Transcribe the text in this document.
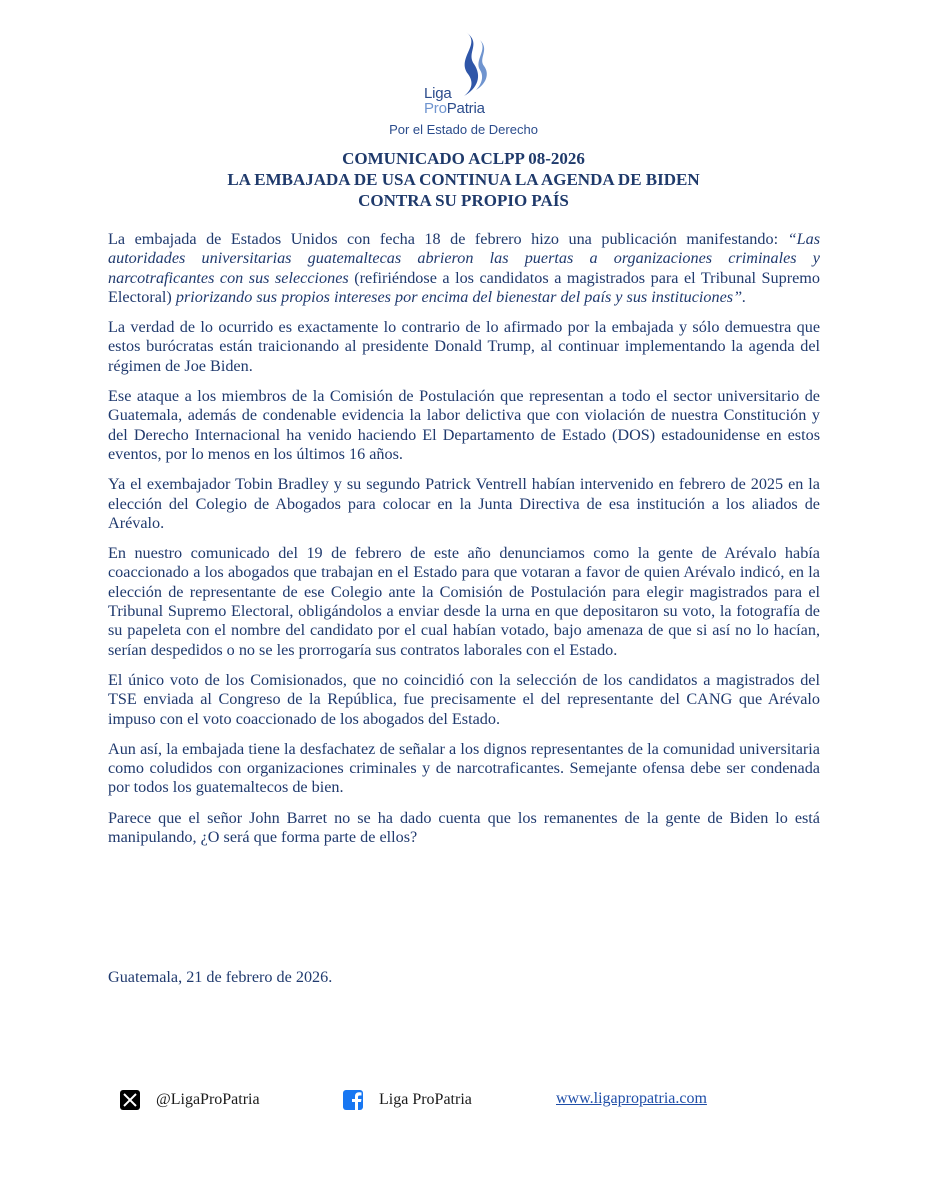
Liga
ProPatria
Por el Estado de Derecho
COMUNICADO ACLPP 08-2026
LA EMBAJADA DE USA CONTINUA LA AGENDA DE BIDEN
CONTRA SU PROPIO PAÍS

La embajada de Estados Unidos con fecha 18 de febrero hizo una publicación manifestando: “Las autoridades universitarias guatemaltecas abrieron las puertas a organizaciones criminales y narcotraficantes con sus selecciones (refiriéndose a los candidatos a magistrados para el Tribunal Supremo Electoral) priorizando sus propios intereses por encima del bienestar del país y sus instituciones”.

La verdad de lo ocurrido es exactamente lo contrario de lo afirmado por la embajada y sólo demuestra que estos burócratas están traicionando al presidente Donald Trump, al continuar implementando la agenda del régimen de Joe Biden.

Ese ataque a los miembros de la Comisión de Postulación que representan a todo el sector universitario de Guatemala, además de condenable evidencia la labor delictiva que con violación de nuestra Constitución y del Derecho Internacional ha venido haciendo El Departamento de Estado (DOS) estadounidense en estos eventos, por lo menos en los últimos 16 años.

Ya el exembajador Tobin Bradley y su segundo Patrick Ventrell habían intervenido en febrero de 2025 en la elección del Colegio de Abogados para colocar en la Junta Directiva de esa institución a los aliados de Arévalo.

En nuestro comunicado del 19 de febrero de este año denunciamos como la gente de Arévalo había coaccionado a los abogados que trabajan en el Estado para que votaran a favor de quien Arévalo indicó, en la elección de representante de ese Colegio ante la Comisión de Postulación para elegir magistrados para el Tribunal Supremo Electoral, obligándolos a enviar desde la urna en que depositaron su voto, la fotografía de su papeleta con el nombre del candidato por el cual habían votado, bajo amenaza de que si así no lo hacían, serían despedidos o no se les prorrogaría sus contratos laborales con el Estado.

El único voto de los Comisionados, que no coincidió con la selección de los candidatos a magistrados del TSE enviada al Congreso de la República, fue precisamente el del representante del CANG que Arévalo impuso con el voto coaccionado de los abogados del Estado.

Aun así, la embajada tiene la desfachatez de señalar a los dignos representantes de la comunidad universitaria como coludidos con organizaciones criminales y de narcotraficantes. Semejante ofensa debe ser condenada por todos los guatemaltecos de bien.

Parece que el señor John Barret no se ha dado cuenta que los remanentes de la gente de Biden lo está manipulando, ¿O será que forma parte de ellos?

Guatemala, 21 de febrero de 2026.
@LigaProPatria	Liga ProPatria	www.ligapropatria.com
